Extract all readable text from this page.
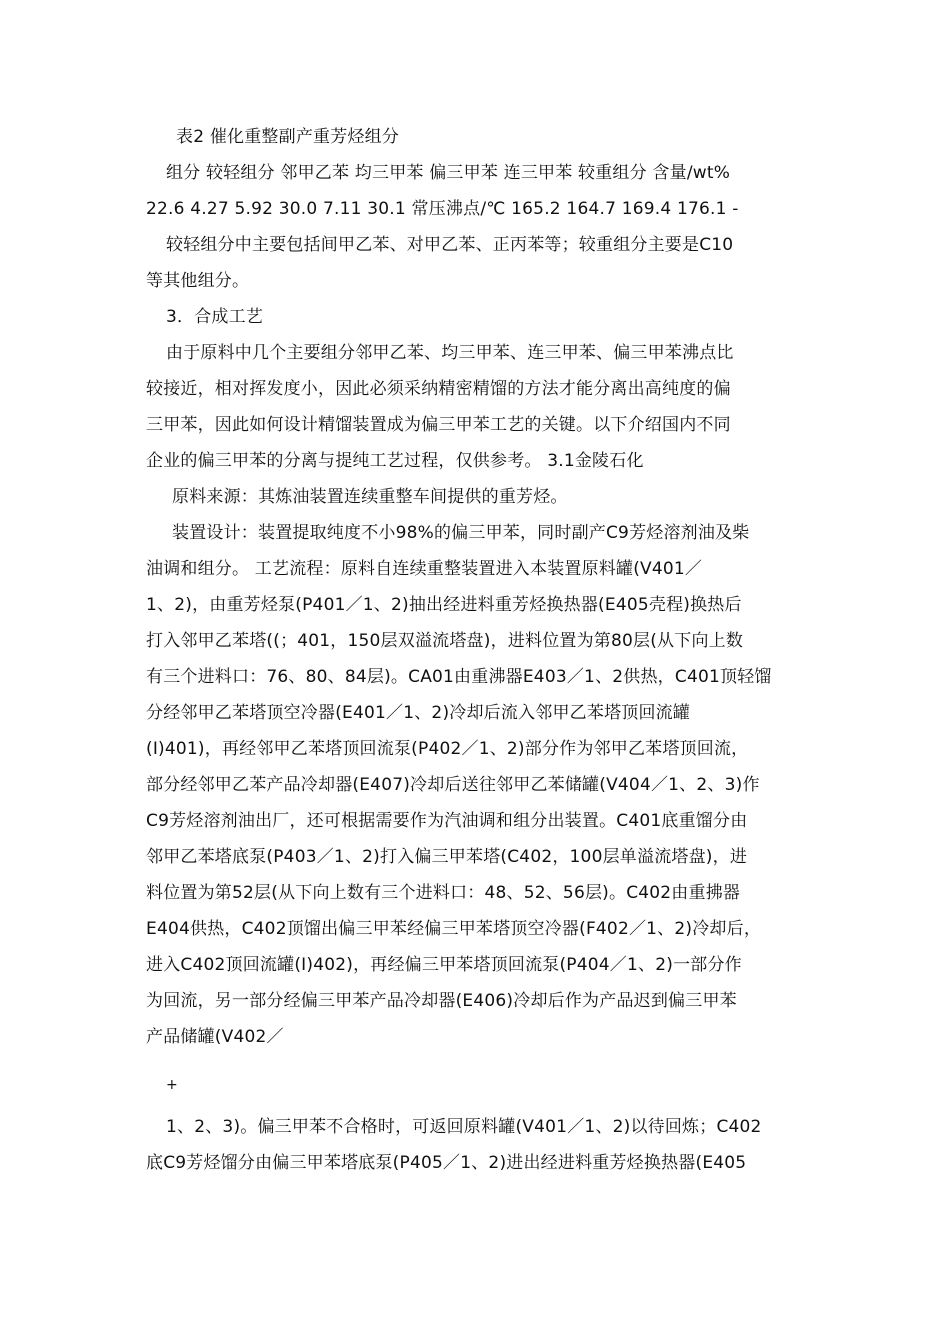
表2 催化重整副产重芳烃组分
组分 较轻组分 邻甲乙苯 均三甲苯 偏三甲苯 连三甲苯 较重组分 含量/wt%
22.6 4.27 5.92 30.0 7.11 30.1 常压沸点/℃ 165.2 164.7 169.4 176.1 -
较轻组分中主要包括间甲乙苯、对甲乙苯、正丙苯等；较重组分主要是C10
等其他组分。
3．合成工艺
由于原料中几个主要组分邻甲乙苯、均三甲苯、连三甲苯、偏三甲苯沸点比
较接近，相对挥发度小，因此必须采纳精密精馏的方法才能分离出高纯度的偏
三甲苯，因此如何设计精馏装置成为偏三甲苯工艺的关键。以下介绍国内不同
企业的偏三甲苯的分离与提纯工艺过程，仅供参考。 3.1金陵石化
原料来源：其炼油装置连续重整车间提供的重芳烃。
装置设计：装置提取纯度不小98%的偏三甲苯，同时副产C9芳烃溶剂油及柴
油调和组分。 工艺流程：原料自连续重整装置进入本装置原料罐(V401／
1、2)，由重芳烃泵(P401／1、2)抽出经进料重芳烃换热器(E405壳程)换热后
打入邻甲乙苯塔((；401，150层双溢流塔盘)，进料位置为第80层(从下向上数
有三个进料口：76、80、84层)。CA01由重沸器E403／1、2供热，C401顶轻馏
分经邻甲乙苯塔顶空冷器(E401／1、2)冷却后流入邻甲乙苯塔顶回流罐
(I)401)，再经邻甲乙苯塔顶回流泵(P402／1、2)部分作为邻甲乙苯塔顶回流，
部分经邻甲乙苯产品冷却器(E407)冷却后送往邻甲乙苯储罐(V404／1、2、3)作
C9芳烃溶剂油出厂，还可根据需要作为汽油调和组分出装置。C401底重馏分由
邻甲乙苯塔底泵(P403／1、2)打入偏三甲苯塔(C402，100层单溢流塔盘)，进
料位置为第52层(从下向上数有三个进料口：48、52、56层)。C402由重拂器
E404供热，C402顶馏出偏三甲苯经偏三甲苯塔顶空冷器(F402／1、2)冷却后，
进入C402顶回流罐(I)402)，再经偏三甲苯塔顶回流泵(P404／1、2)一部分作
为回流，另一部分经偏三甲苯产品冷却器(E406)冷却后作为产品迟到偏三甲苯
产品储罐(V402／
+
1、2、3)。偏三甲苯不合格时，可返回原料罐(V401／1、2)以待回炼；C402
底C9芳烃馏分由偏三甲苯塔底泵(P405／1、2)进出经进料重芳烃换热器(E405
